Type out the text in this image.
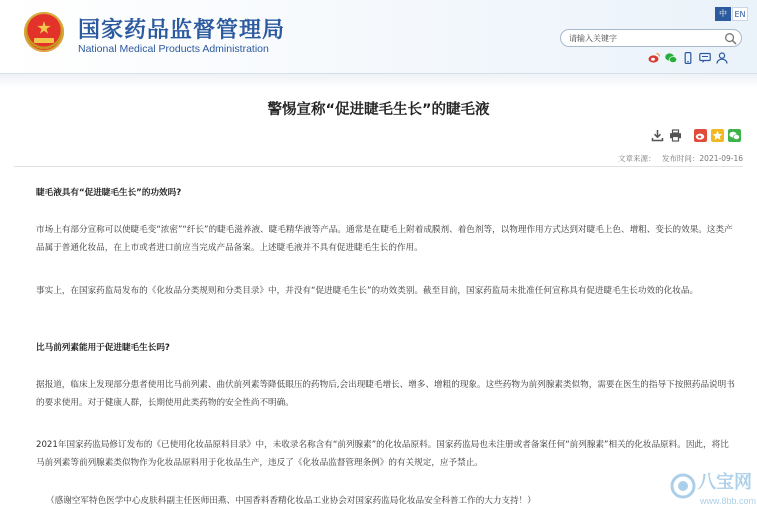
国家药品监督管理局
National Medical Products Administration
中 EN
请输入关键字
警惕宣称“促进睫毛生长”的睫毛液
文章来源： 发布时间：2021-09-16
睫毛液具有“促进睫毛生长”的功效吗?
市场上有部分宣称可以使睫毛变“浓密”“纤长”的睫毛滋养液、睫毛精华液等产品。通常是在睫毛上附着成膜剂、着色剂等，以物理作用方式达到对睫毛上色、增粗、变长的效果。这类产品属于普通化妆品，在上市或者进口前应当完成产品备案。上述睫毛液并不具有促进睫毛生长的作用。
事实上，在国家药监局发布的《化妆品分类规则和分类目录》中，并没有“促进睫毛生长”的功效类别。截至目前，国家药监局未批准任何宣称具有促进睫毛生长功效的化妆品。
比马前列素能用于促进睫毛生长吗?
据报道，临床上发现部分患者使用比马前列素、曲伏前列素等降低眼压的药物后,会出现睫毛增长、增多、增粗的现象。这些药物为前列腺素类似物，需要在医生的指导下按照药品说明书的要求使用。对于健康人群，长期使用此类药物的安全性尚不明确。
2021年国家药监局修订发布的《已使用化妆品原料目录》中，未收录名称含有“前列腺素”的化妆品原料。国家药监局也未注册或者备案任何“前列腺素”相关的化妆品原料。因此，将比马前列素等前列腺素类似物作为化妆品原料用于化妆品生产，违反了《化妆品监督管理条例》的有关规定，应予禁止。
（感谢空军特色医学中心皮肤科副主任医师田燕、中国香料香精化妆品工业协会对国家药监局化妆品安全科普工作的大力支持！）
八宝网
www.8bb.com
